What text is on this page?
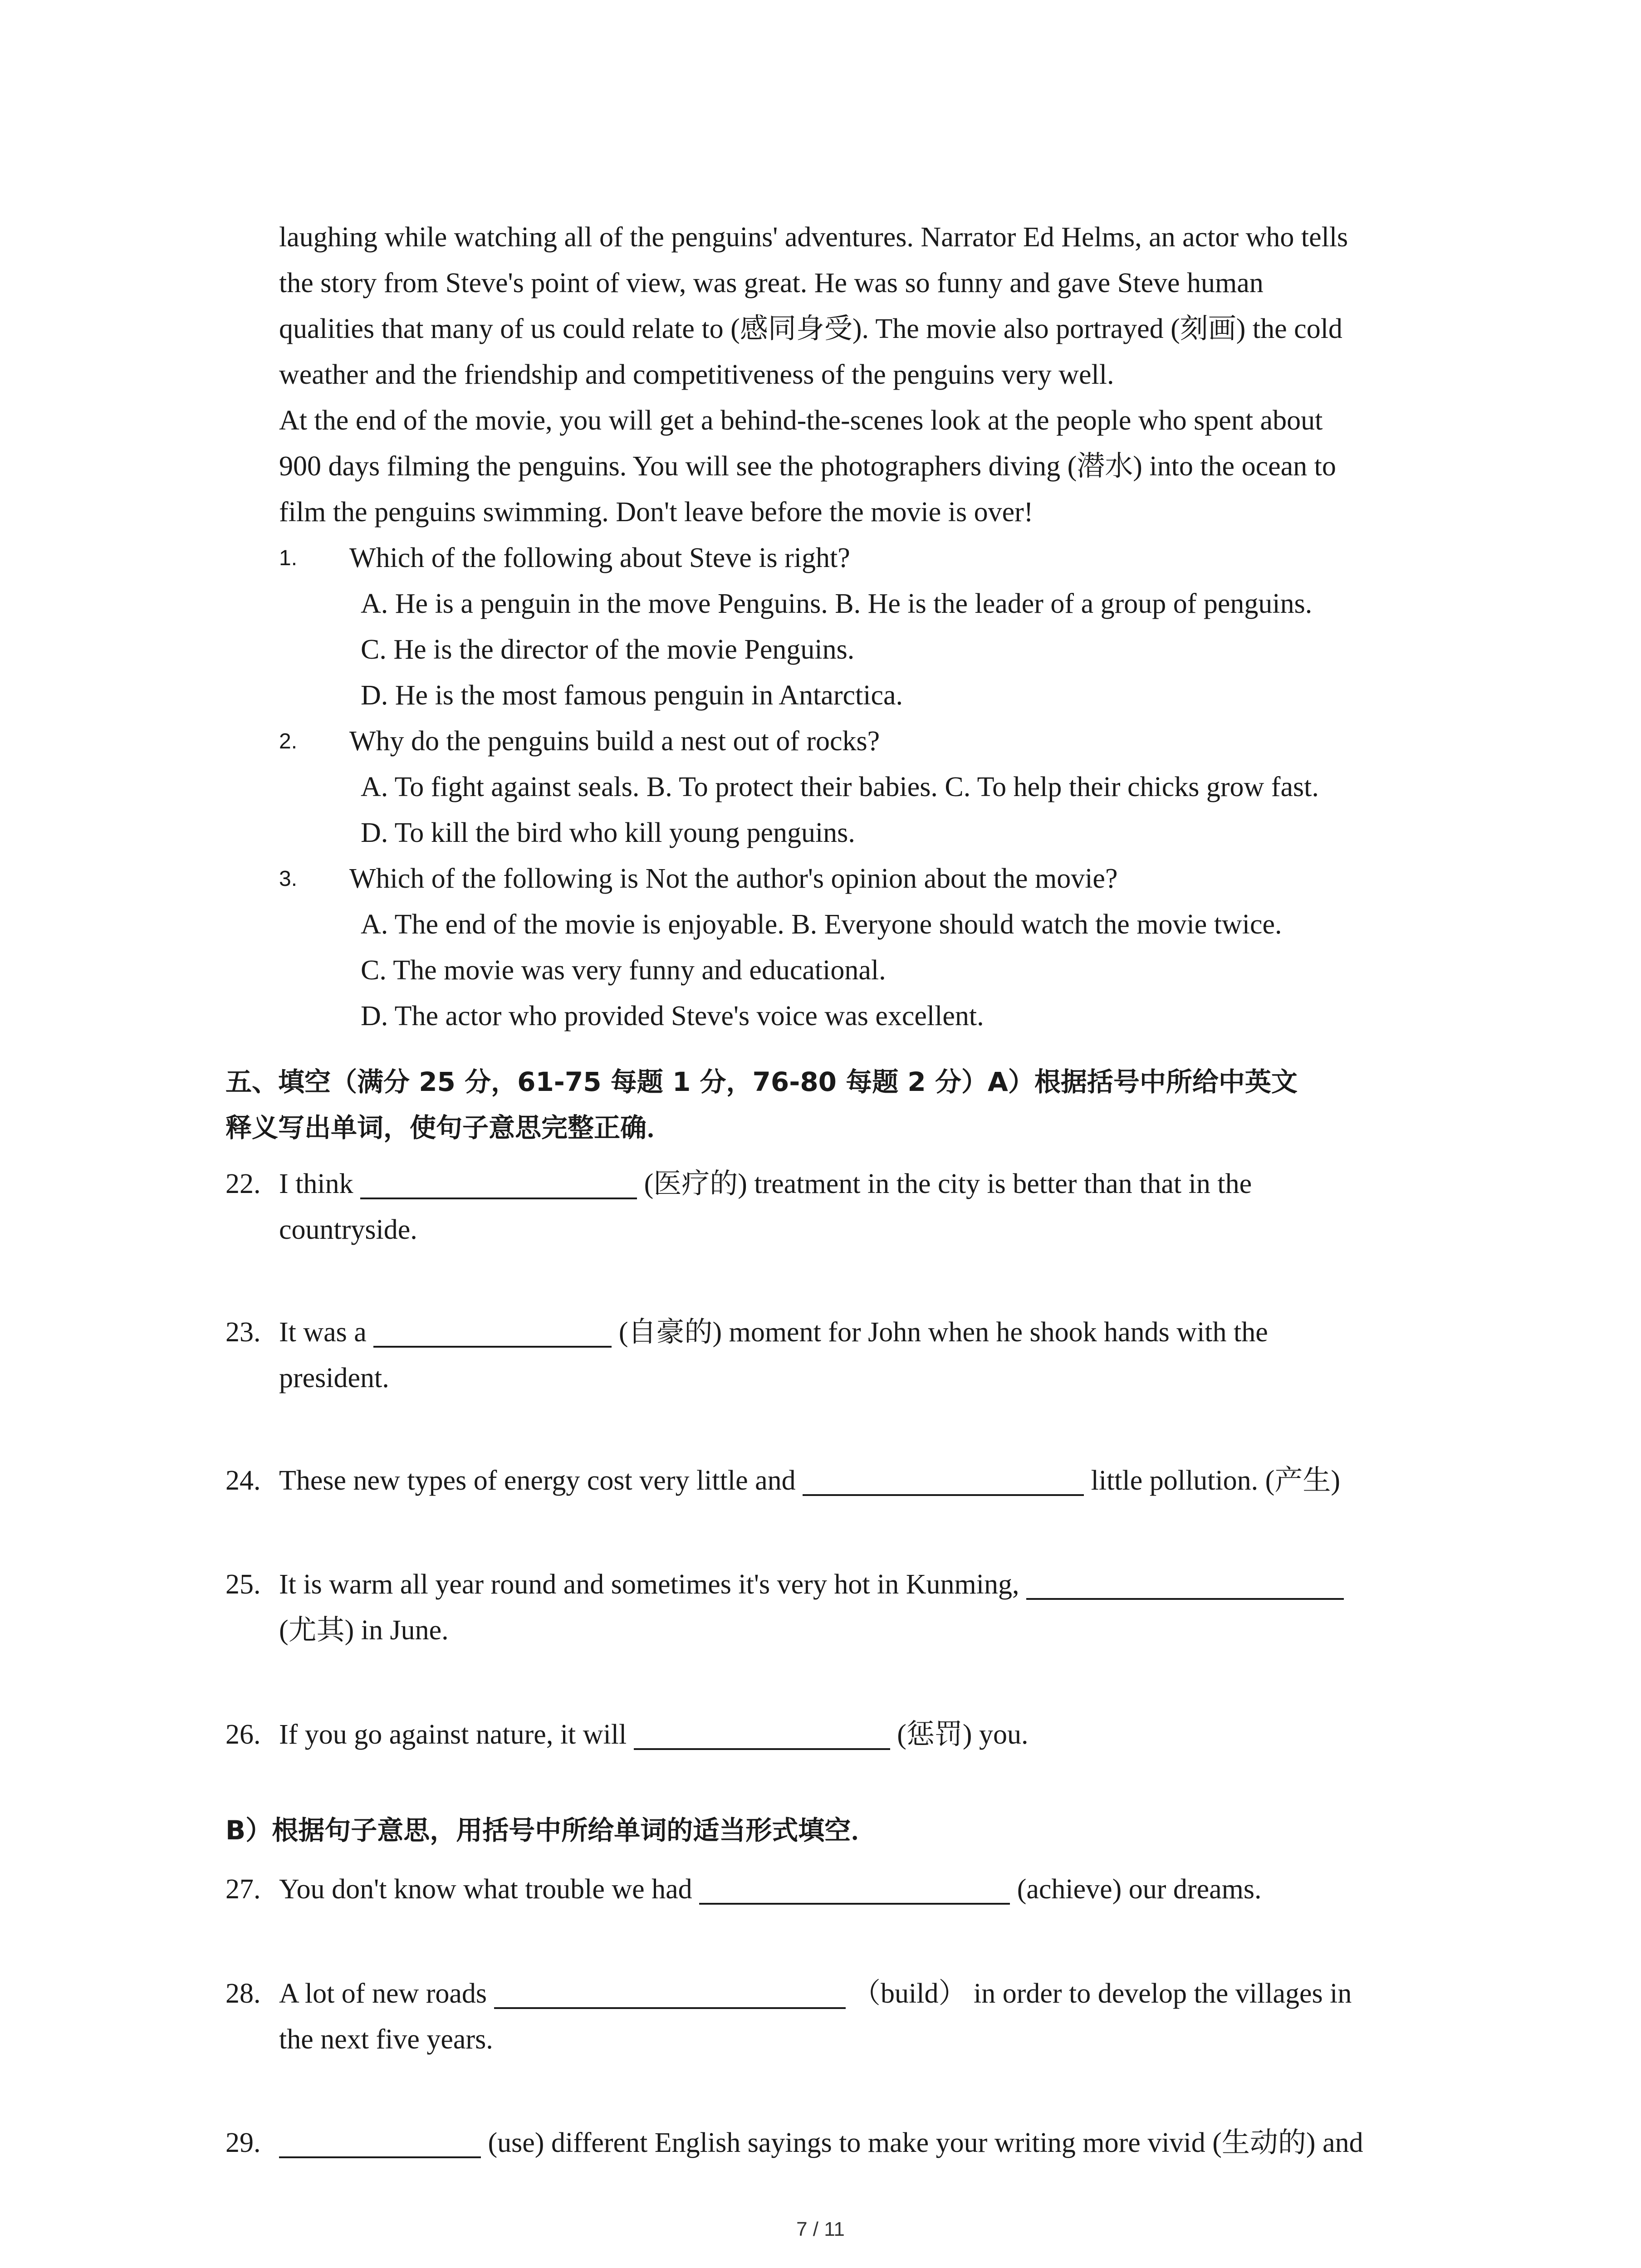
laughing while watching all of the penguins' adventures. Narrator Ed Helms, an actor who tells
the story from Steve's point of view, was great. He was so funny and gave Steve human
qualities that many of us could relate to (感同身受). The movie also portrayed (刻画) the cold
weather and the friendship and competitiveness of the penguins very well.
At the end of the movie, you will get a behind-the-scenes look at the people who spent about
900 days filming the penguins. You will see the photographers diving (潜水) into the ocean to
film the penguins swimming. Don't leave before the movie is over!
1. Which of the following about Steve is right?
A. He is a penguin in the move Penguins. B. He is the leader of a group of penguins.
C. He is the director of the movie Penguins.
D. He is the most famous penguin in Antarctica.
2. Why do the penguins build a nest out of rocks?
A. To fight against seals. B. To protect their babies. C. To help their chicks grow fast.
D. To kill the bird who kill young penguins.
3. Which of the following is Not the author's opinion about the movie?
A. The end of the movie is enjoyable. B. Everyone should watch the movie twice.
C. The movie was very funny and educational.
D. The actor who provided Steve's voice was excellent.
五、填空（满分 25 分，61-75 每题 1 分，76-80 每题 2 分）A）根据括号中所给中英文
释义写出单词，使句子意思完整正确．
22. I think	(医疗的) treatment in the city is better than that in the
countryside.
23. It was a	(自豪的) moment for John when he shook hands with the
president.
24. These new types of energy cost very little and	little pollution. (产生)
25. It is warm all year round and sometimes it's very hot in Kunming,
(尤其) in June.
26. If you go against nature, it will	(惩罚) you.
B）根据句子意思，用括号中所给单词的适当形式填空．
27. You don't know what trouble we had	(achieve) our dreams.
28. A lot of new roads	（build） in order to develop the villages in
the next five years.
29.	(use) different English sayings to make your writing more vivid (生动的) and
7 / 11
